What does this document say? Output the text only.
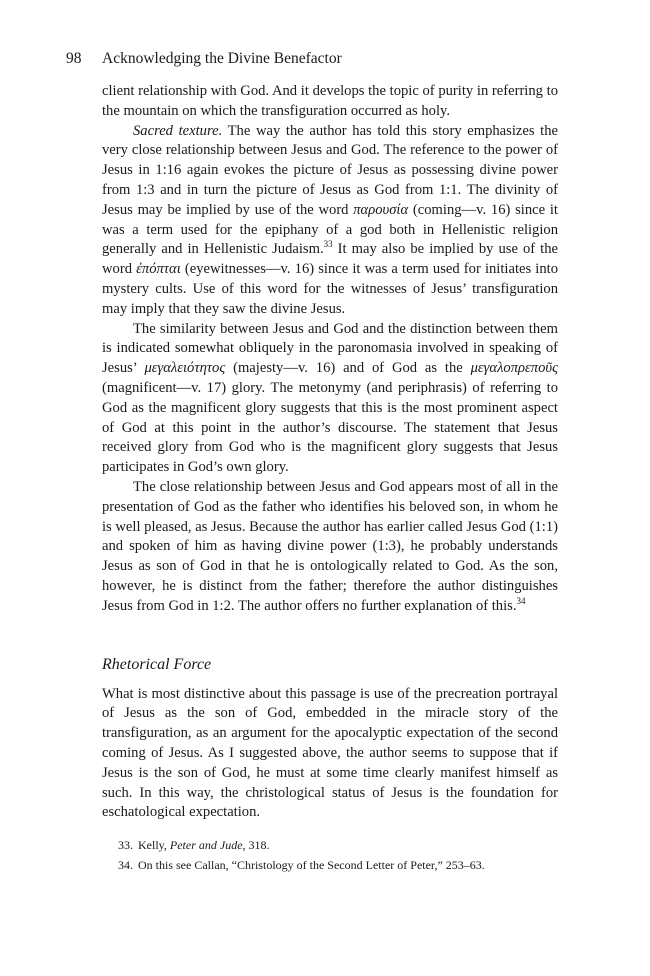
98 Acknowledging the Divine Benefactor

client relationship with God. And it develops the topic of purity in referring to the mountain on which the transfiguration occurred as holy.

Sacred texture. The way the author has told this story emphasizes the very close relationship between Jesus and God. The reference to the power of Jesus in 1:16 again evokes the picture of Jesus as possessing divine power from 1:3 and in turn the picture of Jesus as God from 1:1. The divinity of Jesus may be implied by use of the word παρουσία (coming—v. 16) since it was a term used for the epiphany of a god both in Hellenistic religion generally and in Hellenistic Judaism.$^{33}$ It may also be implied by use of the word ἐπόπται (eyewitnesses—v. 16) since it was a term used for initiates into mystery cults. Use of this word for the witnesses of Jesus’ transfiguration may imply that they saw the divine Jesus.

The similarity between Jesus and God and the distinction between them is indicated somewhat obliquely in the paronomasia involved in speaking of Jesus’ μεγαλειότητος (majesty—v. 16) and of God as the μεγαλοπρεποῦς (magnificent—v. 17) glory. The metonymy (and periphrasis) of referring to God as the magnificent glory suggests that this is the most prominent aspect of God at this point in the author’s discourse. The statement that Jesus received glory from God who is the magnificent glory suggests that Jesus participates in God’s own glory.

The close relationship between Jesus and God appears most of all in the presentation of God as the father who identifies his beloved son, in whom he is well pleased, as Jesus. Because the author has earlier called Jesus God (1:1) and spoken of him as having divine power (1:3), he probably understands Jesus as son of God in that he is ontologically related to God. As the son, however, he is distinct from the father; therefore the author distinguishes Jesus from God in 1:2. The author offers no further explanation of this.$^{34}$

Rhetorical Force

What is most distinctive about this passage is use of the precreation portrayal of Jesus as the son of God, embedded in the miracle story of the transfiguration, as an argument for the apocalyptic expectation of the second coming of Jesus. As I suggested above, the author seems to suppose that if Jesus is the son of God, he must at some time clearly manifest himself as such. In this way, the christological status of Jesus is the foundation for eschatological expectation.

33. Kelly, Peter and Jude, 318.
34. On this see Callan, “Christology of the Second Letter of Peter,” 253–63.
